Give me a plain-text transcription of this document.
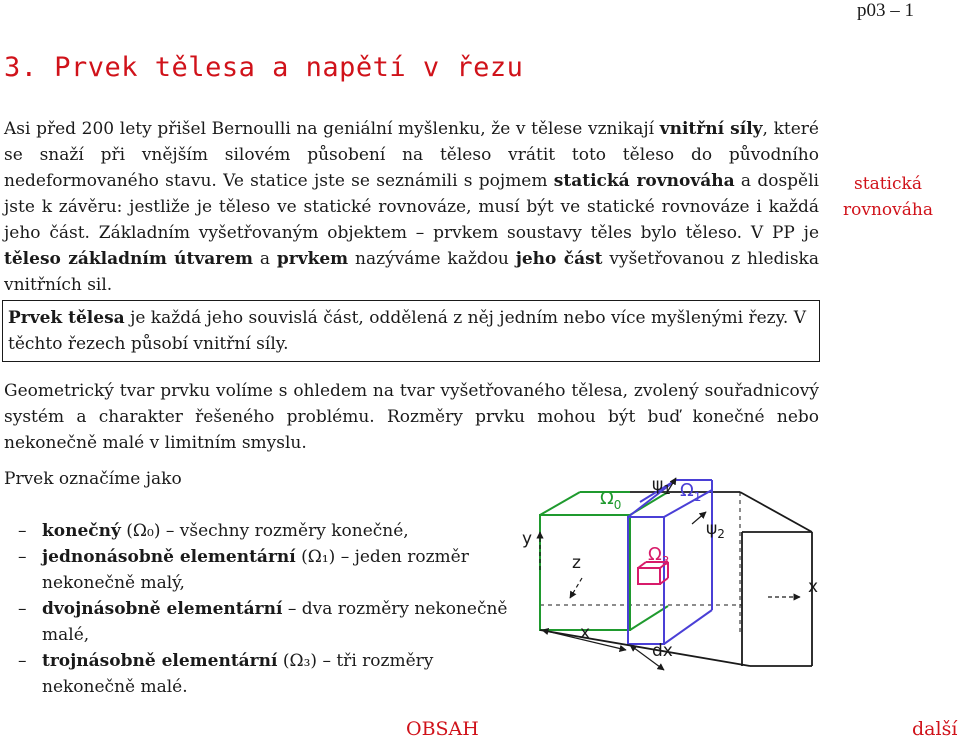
p03 – 1
3. Prvek tělesa a napětí v řezu

Asi před 200 lety přišel Bernoulli na geniální myšlenku, že v tělese vznikají vnitřní síly, které se snaží při vnějším silovém působení na těleso vrátit toto těleso do původního nedeformovaného stavu. Ve statice jste se seznámili s pojmem statická rovnováha a dospěli jste k závěru: jestliže je těleso ve statické rovnováze, musí být ve statické rovnováze i každá jeho část. Základním vyšetřovaným objektem – prvkem soustavy těles bylo těleso. V PP je těleso základním útvarem a prvkem nazýváme každou jeho část vyšetřovanou z hlediska vnitřních sil.

statická
rovnováha
Prvek tělesa je každá jeho souvislá část, oddělená z něj jedním nebo více myšlenými řezy. V těchto řezech působí vnitřní síly.

Geometrický tvar prvku volíme s ohledem na tvar vyšetřovaného tělesa, zvolený souřadnicový systém a charakter řešeného problému. Rozměry prvku mohou být buď konečné nebo nekonečně malé v limitním smyslu.

Prvek označíme jako
– konečný (Ω₀) – všechny rozměry konečné,
– jednonásobně elementární (Ω₁) – jeden rozměr nekonečně malý,
– dvojnásobně elementární – dva rozměry nekonečně malé,
– trojnásobně elementární (Ω₃) – tři rozměry nekonečně malé.
y
z
x
x
dx
$\psi_1$
$\psi_2$
$\Omega_0$
$\Omega_1$
$\Omega_3$
OBSAH	další
